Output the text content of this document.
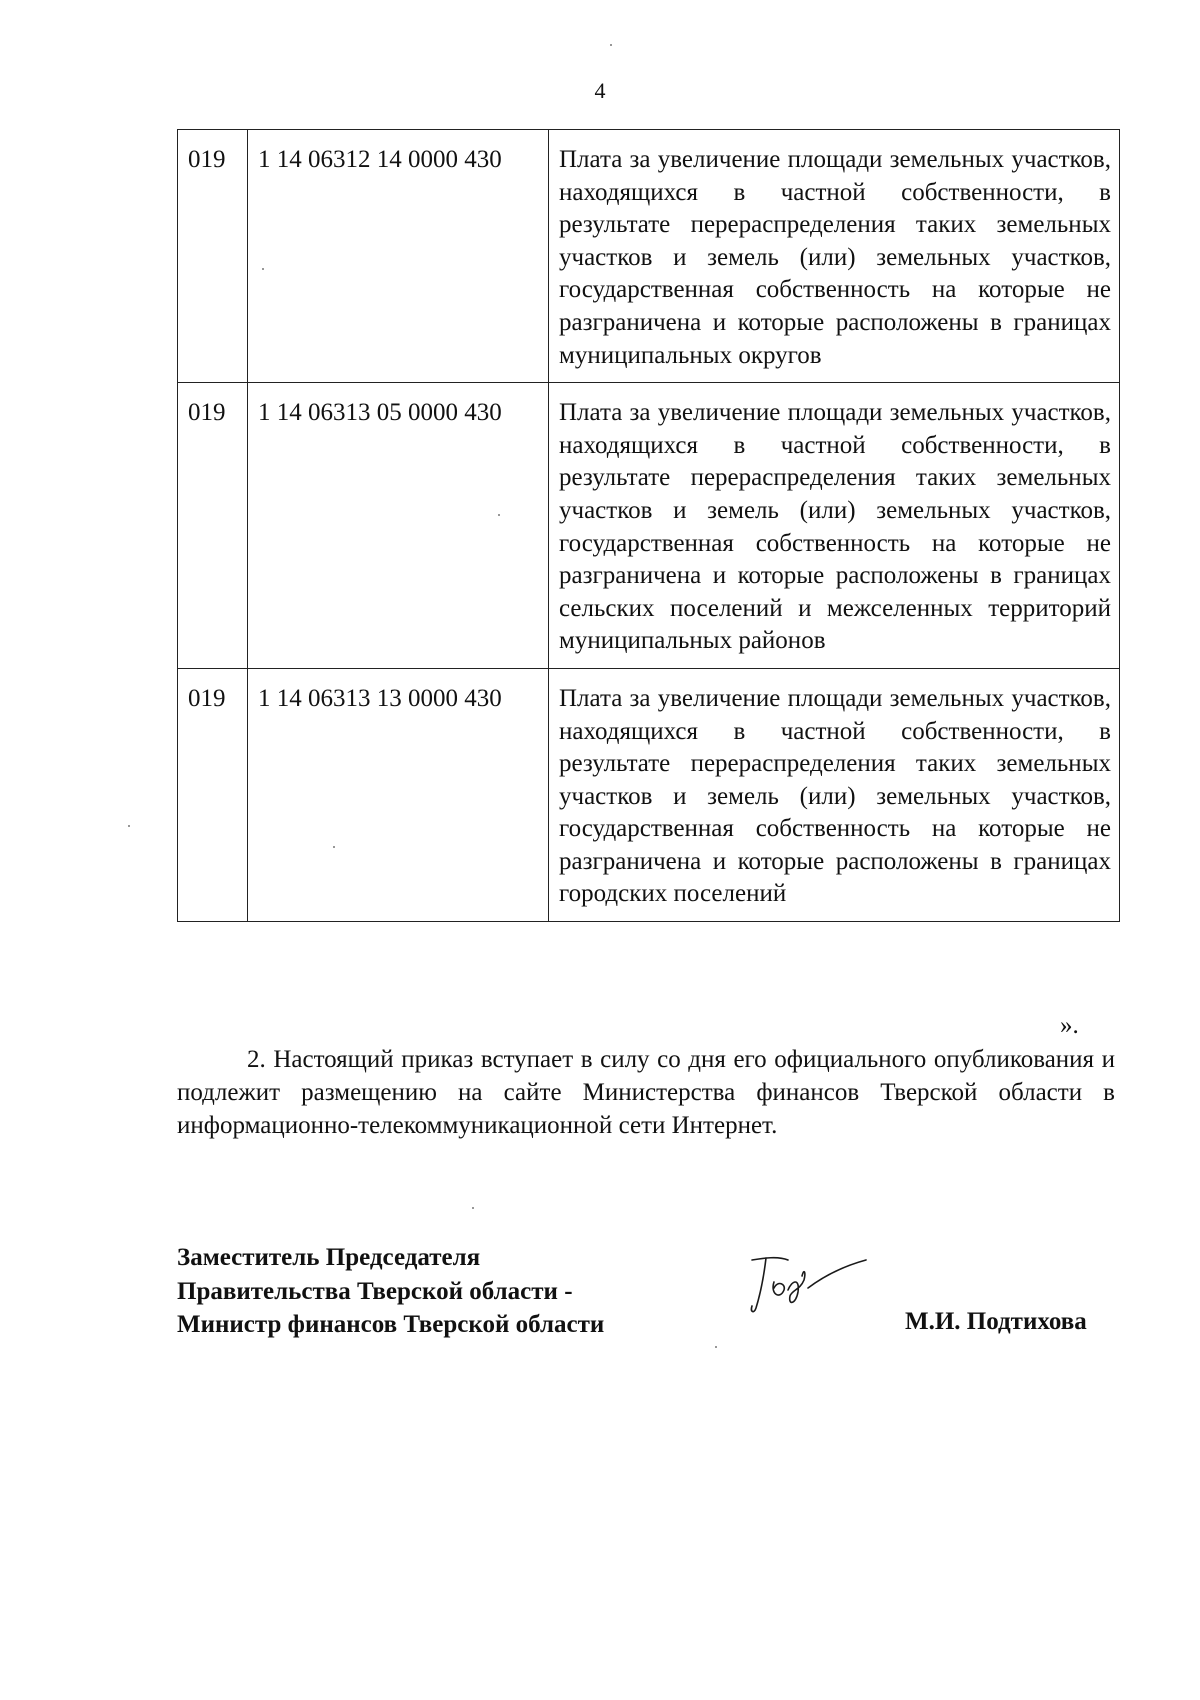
4
019	1 14 06312 14 0000 430	Плата за увеличение площади земельных участков, находящихся в частной собственности, в результате перераспределения таких земельных участков и земель (или) земельных участков, государственная собственность на которые не разграничена и которые расположены в границах муниципальных округов
019	1 14 06313 05 0000 430	Плата за увеличение площади земельных участков, находящихся в частной собственности, в результате перераспределения таких земельных участков и земель (или) земельных участков, государственная собственность на которые не разграничена и которые расположены в границах сельских поселений и межселенных территорий муниципальных районов
019	1 14 06313 13 0000 430	Плата за увеличение площади земельных участков, находящихся в частной собственности, в результате перераспределения таких земельных участков и земель (или) земельных участков, государственная собственность на которые не разграничена и которые расположены в границах городских поселений
».
2. Настоящий приказ вступает в силу со дня его официального опубликования и подлежит размещению на сайте Министерства финансов Тверской области в информационно-телекоммуникационной сети Интернет.
Заместитель Председателя
Правительства Тверской области -
Министр финансов Тверской области	М.И. Подтихова
